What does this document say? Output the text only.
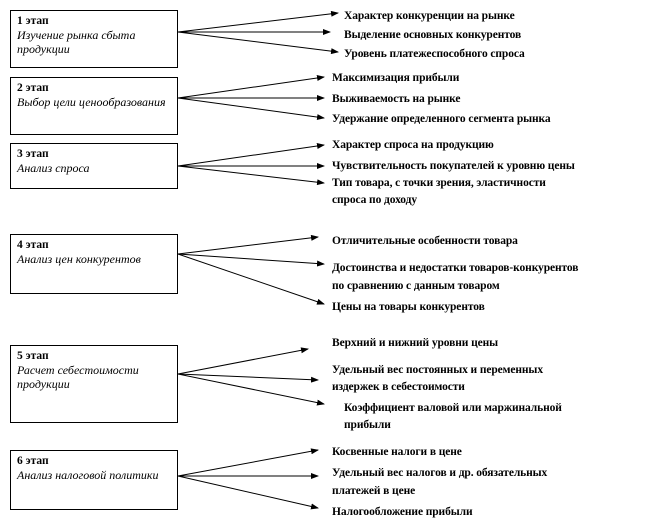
1 этап
Изучение рынка сбыта продукции
Характер конкуренции на рынке
Выделение основных конкурентов
Уровень платежеспособного спроса
2 этап
Выбор цели ценообразования
Максимизация прибыли
Выживаемость на рынке
Удержание определенного сегмента рынка
3 этап
Анализ спроса
Характер спроса на продукцию
Чувствительность покупателей к уровню цены
Тип товара, с точки зрения, эластичности
спроса по доходу
4 этап
Анализ цен конкурентов
Отличительные особенности товара
Достоинства и недостатки товаров-конкурентов
по сравнению с данным товаром
Цены на товары конкурентов
5 этап
Расчет себестоимости продукции
Верхний и нижний уровни цены
Удельный вес постоянных и переменных
издержек в себестоимости
Коэффициент валовой или маржинальной
прибыли
6 этап
Анализ налоговой политики
Косвенные налоги в цене
Удельный вес налогов и др. обязательных
платежей в цене
Налогообложение прибыли
